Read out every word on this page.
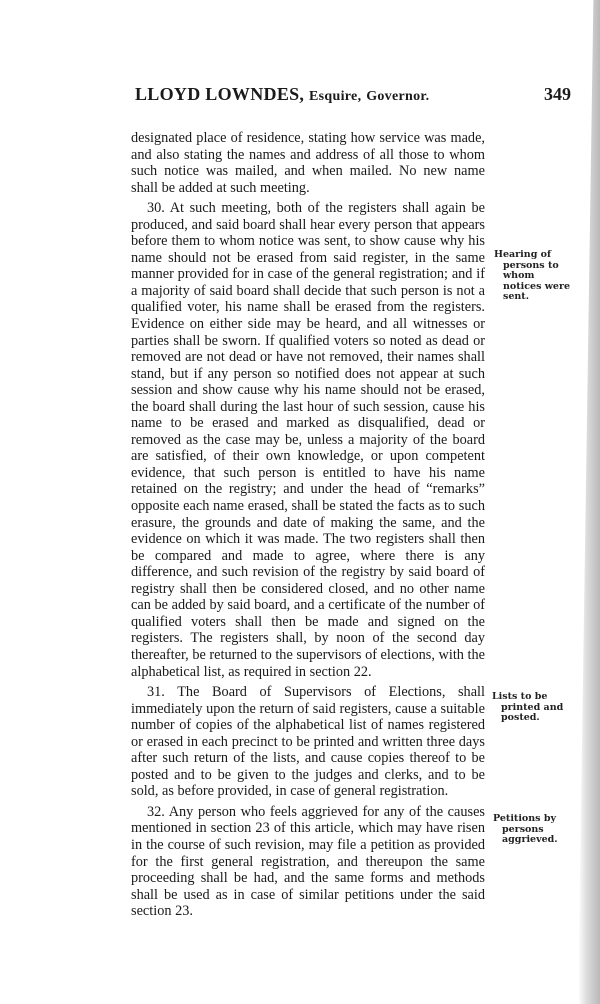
LLOYD LOWNDES, Esquire, Governor.	349

designated place of residence, stating how service was made, and also stating the names and address of all those to whom such notice was mailed, and when mailed. No new name shall be added at such meeting.

30. At such meeting, both of the registers shall again be produced, and said board shall hear every person that appears before them to whom notice was sent, to show cause why his name should not be erased from said register, in the same manner provided for in case of the general registration; and if a majority of said board shall decide that such person is not a qualified voter, his name shall be erased from the registers. Evidence on either side may be heard, and all witnesses or parties shall be sworn. If qualified voters so noted as dead or removed are not dead or have not removed, their names shall stand, but if any person so notified does not appear at such session and show cause why his name should not be erased, the board shall during the last hour of such session, cause his name to be erased and marked as disqualified, dead or removed as the case may be, unless a majority of the board are satisfied, of their own knowledge, or upon competent evidence, that such person is entitled to have his name retained on the registry; and under the head of “remarks” opposite each name erased, shall be stated the facts as to such erasure, the grounds and date of making the same, and the evidence on which it was made. The two registers shall then be compared and made to agree, where there is any difference, and such revision of the registry by said board of registry shall then be considered closed, and no other name can be added by said board, and a certificate of the number of qualified voters shall then be made and signed on the registers. The registers shall, by noon of the second day thereafter, be returned to the supervisors of elections, with the alphabetical list, as required in section 22.

31. The Board of Supervisors of Elections, shall immediately upon the return of said registers, cause a suitable number of copies of the alphabetical list of names registered or erased in each precinct to be printed and written three days after such return of the lists, and cause copies thereof to be posted and to be given to the judges and clerks, and to be sold, as before provided, in case of general registration.

32. Any person who feels aggrieved for any of the causes mentioned in section 23 of this article, which may have risen in the course of such revision, may file a petition as provided for the first general registration, and thereupon the same proceeding shall be had, and the same forms and methods shall be used as in case of similar petitions under the said section 23.

Hearing of
persons to whom notices were sent.
Lists to be
printed and posted.
Petitions by
persons aggrieved.
